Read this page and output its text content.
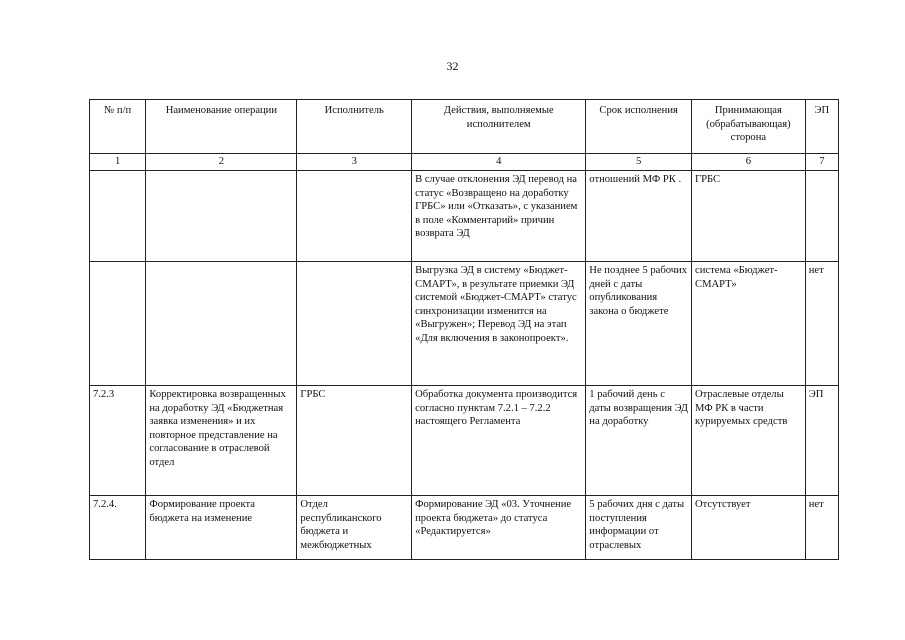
32
№ п/п	Наименование операции	Исполнитель	Действия, выполняемые исполнителем	Срок исполнения	Принимающая (обрабатывающая) сторона	ЭП
1	2	3	4	5	6	7
			В случае отклонения ЭД перевод на статус «Возвращено на доработку ГРБС» или «Отказать», с указанием в поле «Комментарий» причин возврата ЭД	отношений МФ РК .	ГРБС	
			Выгрузка ЭД в систему «Бюджет-СМАРТ», в результате приемки ЭД системой «Бюджет-СМАРТ» статус синхронизации изменится на «Выгружен»; Перевод ЭД на этап «Для включения в законопроект».	Не позднее 5 рабочих дней с даты опубликования закона о бюджете	система «Бюджет-СМАРТ»	нет
7.2.3	Корректировка возвращенных на доработку ЭД «Бюджетная заявка изменения» и их повторное представление на согласование в отраслевой отдел	ГРБС	Обработка документа производится согласно пунктам 7.2.1 – 7.2.2 настоящего Регламента	1 рабочий день с даты возвращения ЭД на доработку	Отраслевые отделы МФ РК в части курируемых средств	ЭП
7.2.4.	Формирование проекта бюджета на изменение	Отдел республиканского бюджета и межбюджетных	Формирование ЭД «03. Уточнение проекта бюджета» до статуса «Редактируется»	5 рабочих дня с даты поступления информации от отраслевых	Отсутствует	нет
